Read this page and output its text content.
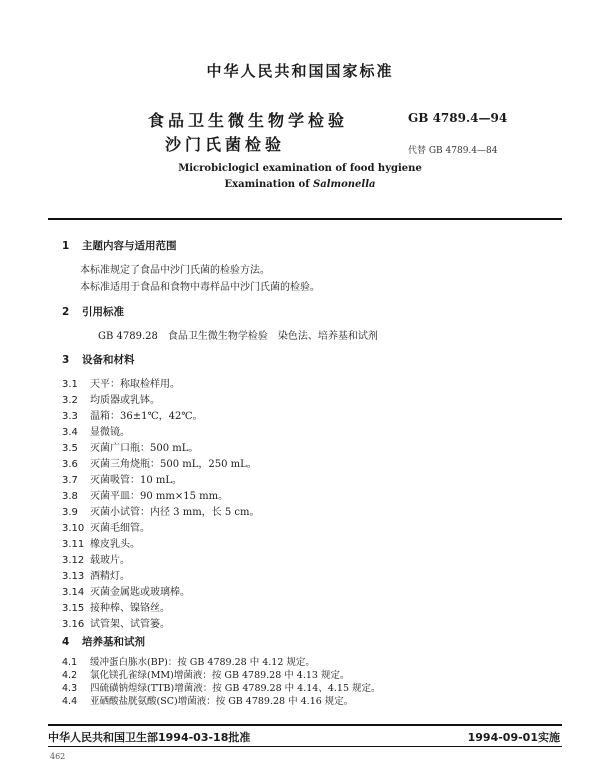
中华人民共和国国家标准
食品卫生微生物学检验
沙门氏菌检验
GB 4789.4—94
代替 GB 4789.4—84
Microbiclogicl examination of food hygiene
Examination of Salmonella
1 主题内容与适用范围
本标准规定了食品中沙门氏菌的检验方法。
本标准适用于食品和食物中毒样品中沙门氏菌的检验。
2 引用标准
GB 4789.28　食品卫生微生物学检验　染色法、培养基和试剂
3 设备和材料
3.1 天平：称取检样用。
3.2 均质器或乳钵。
3.3 温箱：36±1℃，42℃。
3.4 显微镜。
3.5 灭菌广口瓶：500 mL。
3.6 灭菌三角烧瓶：500 mL，250 mL。
3.7 灭菌吸管：10 mL。
3.8 灭菌平皿：90 mm×15 mm。
3.9 灭菌小试管：内径 3 mm，长 5 cm。
3.10 灭菌毛细管。
3.11 橡皮乳头。
3.12 载玻片。
3.13 酒精灯。
3.14 灭菌金属匙或玻璃棒。
3.15 接种棒、镍铬丝。
3.16 试管架、试管篓。
4 培养基和试剂
4.1 缓冲蛋白胨水(BP)：按 GB 4789.28 中 4.12 规定。
4.2 氯化镁孔雀绿(MM)增菌液：按 GB 4789.28 中 4.13 规定。
中华人民共和国卫生部1994-03-18批准	1994-09-01实施
462
4.3 四硫磺钠煌绿(TTB)增菌液：按 GB 4789.28 中 4.14、4.15 规定。
4.4 亚硒酸盐胱氨酸(SC)增菌液：按 GB 4789.28 中 4.16 规定。
